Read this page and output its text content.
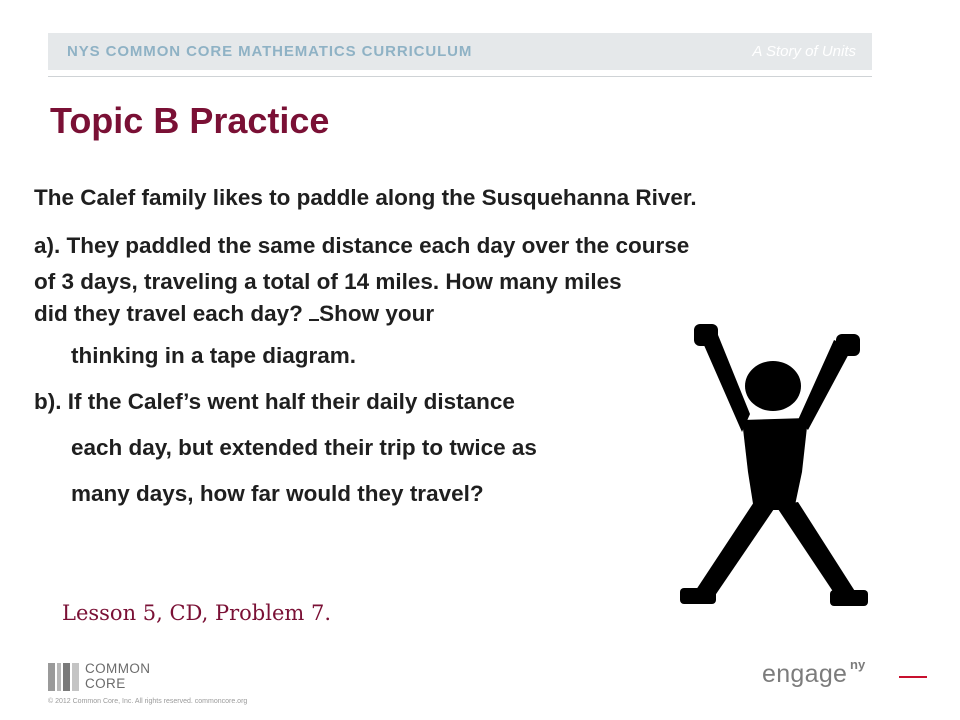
NYS COMMON CORE MATHEMATICS CURRICULUM	A Story of Units
Topic B Practice

The Calef family likes to paddle along the Susquehanna River.

a). They paddled the same distance each day over the course
of 3 days, traveling a total of 14 miles. How many miles
did they travel each day? Show your

thinking in a tape diagram.

b). If the Calef’s went half their daily distance

each day, but extended their trip to twice as

many days, how far would they travel?

Lesson 5, CD, Problem 7.
COMMON
CORE
© 2012 Common Core, Inc. All rights reserved. commoncore.org
engage ny
